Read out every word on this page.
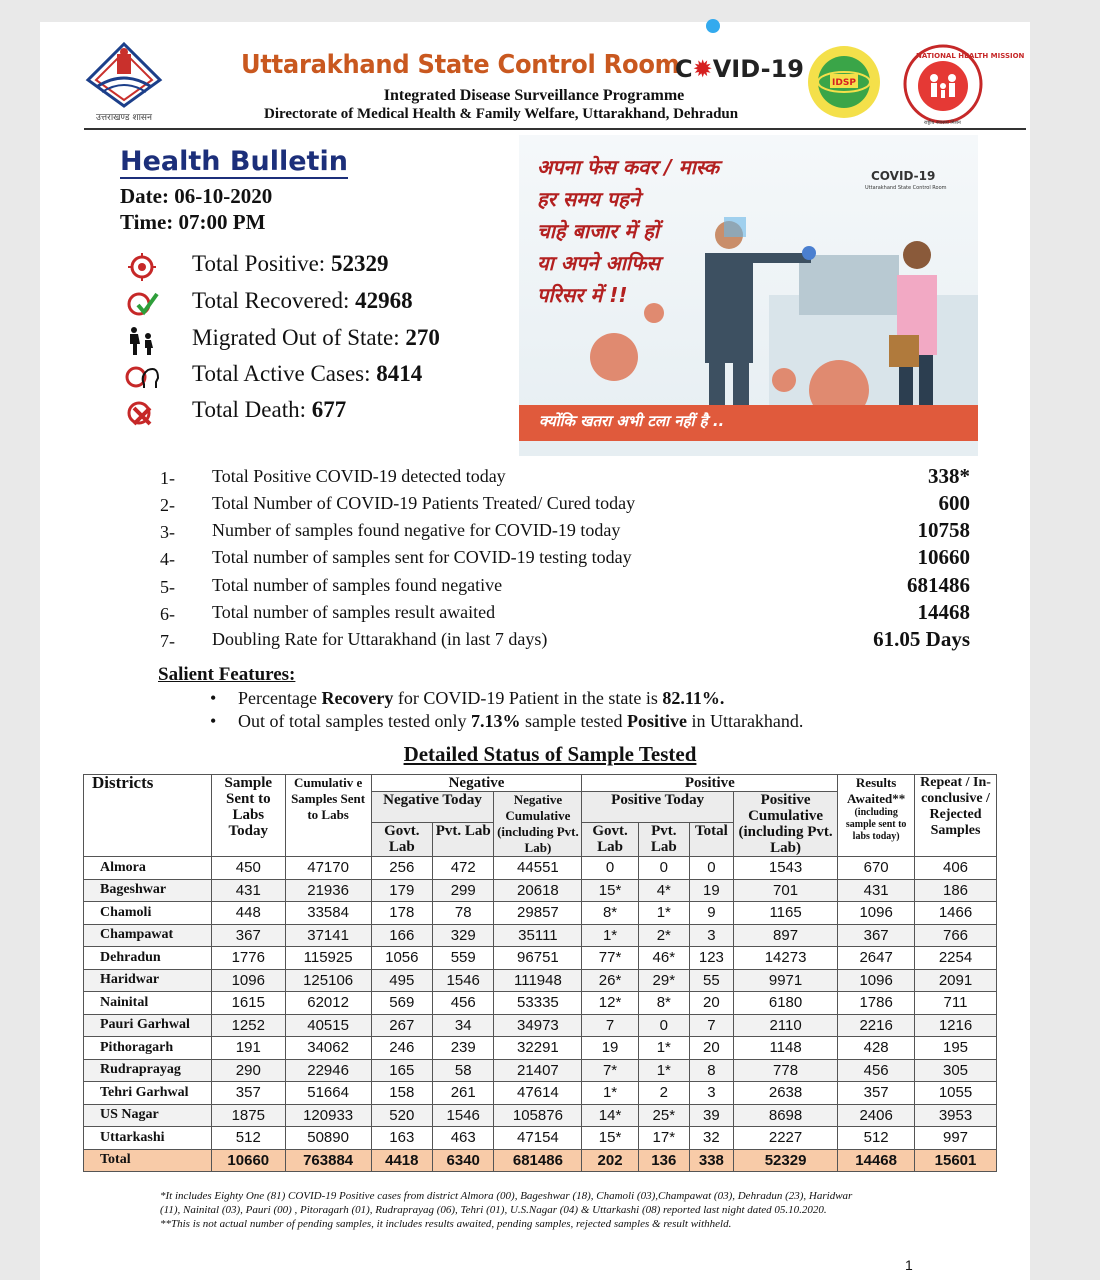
उत्तराखण्ड शासन
Uttarakhand State Control Room
C✹VID-19	IDSP
NATIONAL HEALTH MISSION
राष्ट्रीय स्वास्थ्य मिशन
Integrated Disease Surveillance Programme
Directorate of Medical Health & Family Welfare, Uttarakhand, Dehradun
Health Bulletin
Date: 06-10-2020
Time: 07:00 PM
Total Positive: 52329
Total Recovered: 42968
Migrated Out of State: 270
Total Active Cases: 8414
Total Death: 677
अपना फेस कवर / मास्क
हर समय पहने
चाहे बाजार में हों
या अपने आफिस
परिसर में !!
COVID-19
Uttarakhand State Control Room
क्योंकि खतरा अभी टला नहीं है ..
1- Total Positive COVID-19 detected today	338*
2- Total Number of COVID-19 Patients Treated/ Cured today	600
3- Number of samples found negative for COVID-19 today	10758
4- Total number of samples sent for COVID-19 testing today	10660
5- Total number of samples found negative	681486
6- Total number of samples result awaited	14468
7- Doubling Rate for Uttarakhand (in last 7 days)	61.05 Days
Salient Features:
• Percentage Recovery for COVID-19 Patient in the state is 82.11%.
• Out of total samples tested only 7.13% sample tested Positive in Uttarakhand.
Detailed Status of Sample Tested
Districts	Sample Sent to Labs Today	Cumulativ e Samples Sent to Labs	Negative			Positive				Results Awaited**
(including sample sent to labs today)	Repeat / In-conclusive / Rejected Samples
			Negative Today		Negative Cumulative (including Pvt. Lab)	Positive Today			Positive Cumulative (including Pvt. Lab)		
			Govt. Lab	Pvt. Lab		Govt. Lab	Pvt. Lab	Total			
Almora	450	47170	256	472	44551	0	0	0	1543	670	406
Bageshwar	431	21936	179	299	20618	15*	4*	19	701	431	186
Chamoli	448	33584	178	78	29857	8*	1*	9	1165	1096	1466
Champawat	367	37141	166	329	35111	1*	2*	3	897	367	766
Dehradun	1776	115925	1056	559	96751	77*	46*	123	14273	2647	2254
Haridwar	1096	125106	495	1546	111948	26*	29*	55	9971	1096	2091
Nainital	1615	62012	569	456	53335	12*	8*	20	6180	1786	711
Pauri Garhwal	1252	40515	267	34	34973	7	0	7	2110	2216	1216
Pithoragarh	191	34062	246	239	32291	19	1*	20	1148	428	195
Rudraprayag	290	22946	165	58	21407	7*	1*	8	778	456	305
Tehri Garhwal	357	51664	158	261	47614	1*	2	3	2638	357	1055
US Nagar	1875	120933	520	1546	105876	14*	25*	39	8698	2406	3953
Uttarkashi	512	50890	163	463	47154	15*	17*	32	2227	512	997
Total	10660	763884	4418	6340	681486	202	136	338	52329	14468	15601
*It includes Eighty One (81) COVID-19 Positive cases from district Almora (00), Bageshwar (18), Chamoli (03),Champawat (03), Dehradun (23), Haridwar
(11), Nainital (03), Pauri (00) , Pitoragarh (01), Rudraprayag (06), Tehri (01), U.S.Nagar (04) & Uttarkashi (08) reported last night dated 05.10.2020.
**This is not actual number of pending samples, it includes results awaited, pending samples, rejected samples & result withheld.
1
